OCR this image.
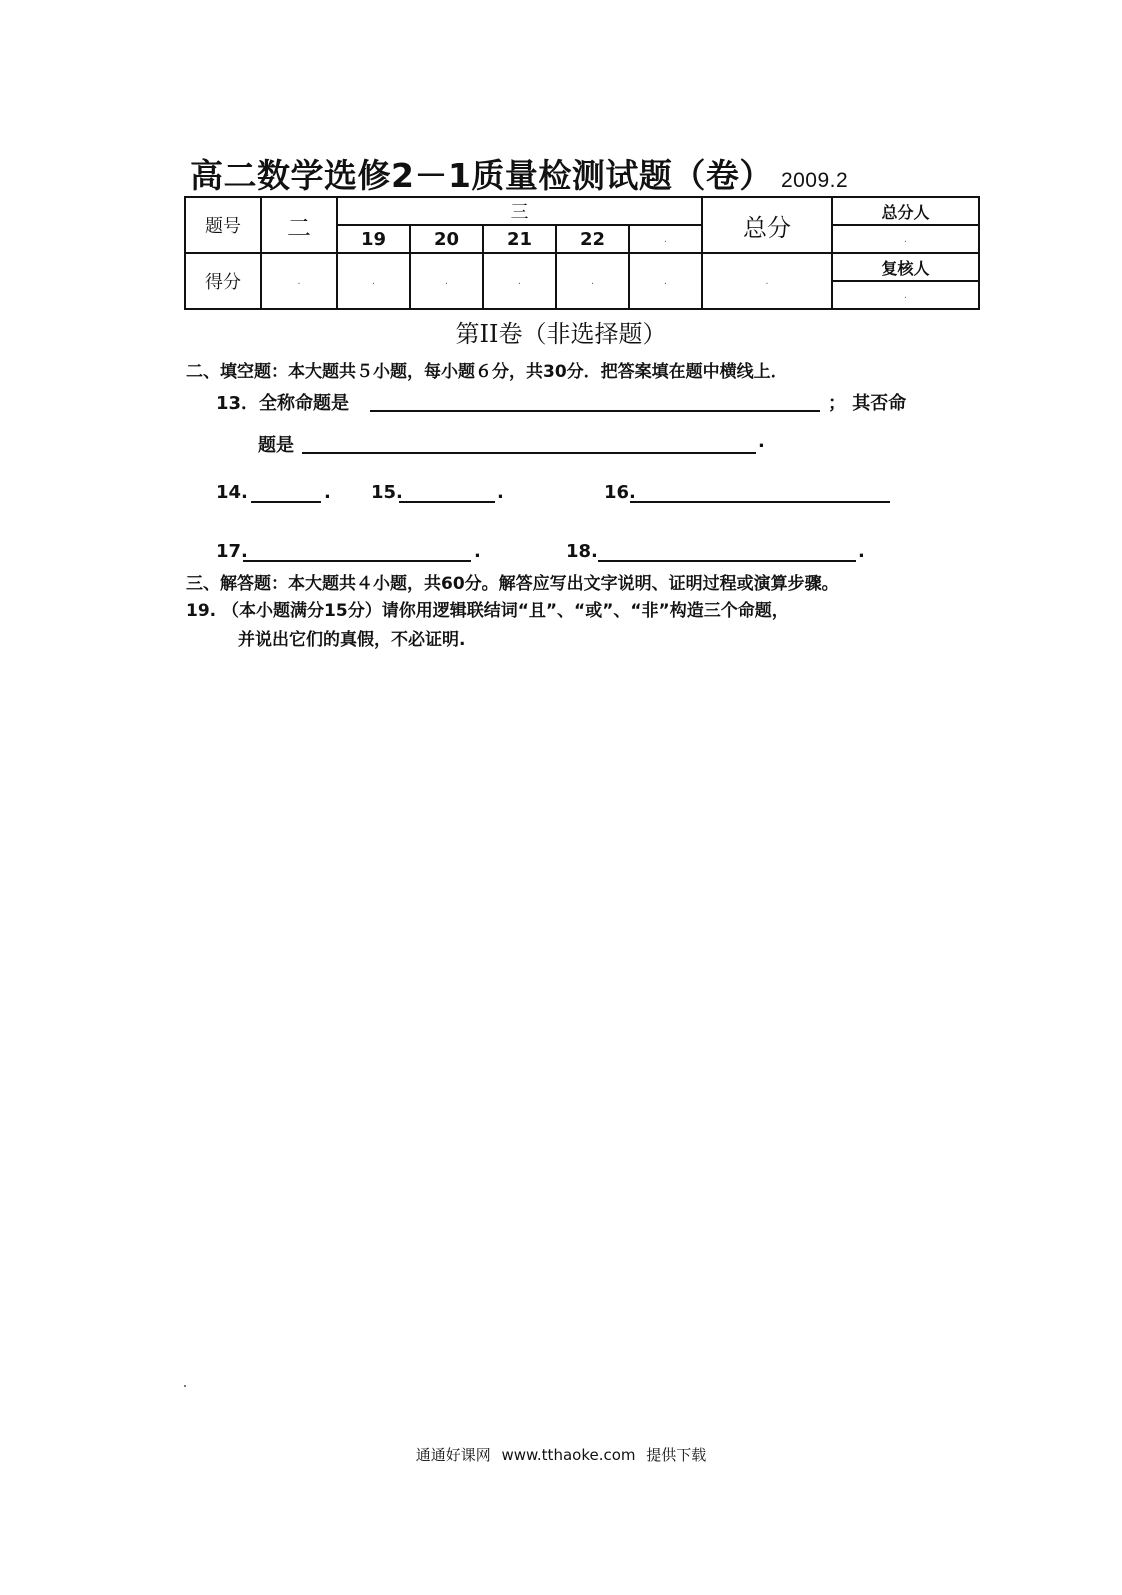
高二数学选修2－1质量检测试题（卷） 2009.2
题号	二	三					总分	总分人
		19	20	21	22	.		.
得分	.	.	.	.	.	.	.	复核人
								.
第II卷（非选择题）
二、填空题：本大题共５小题，每小题６分，共30分．把答案填在题中横线上．
13．全称命题是	； 其否命
题是	.
14.	. 15.	.	16.
17.	.	18.	.
三、解答题：本大题共４小题，共60分。解答应写出文字说明、证明过程或演算步骤。
19. （本小题满分15分）请你用逻辑联结词“且”、“或”、“非”构造三个命题，
并说出它们的真假，不必证明.
通通好课网 www.tthaoke.com 提供下载
